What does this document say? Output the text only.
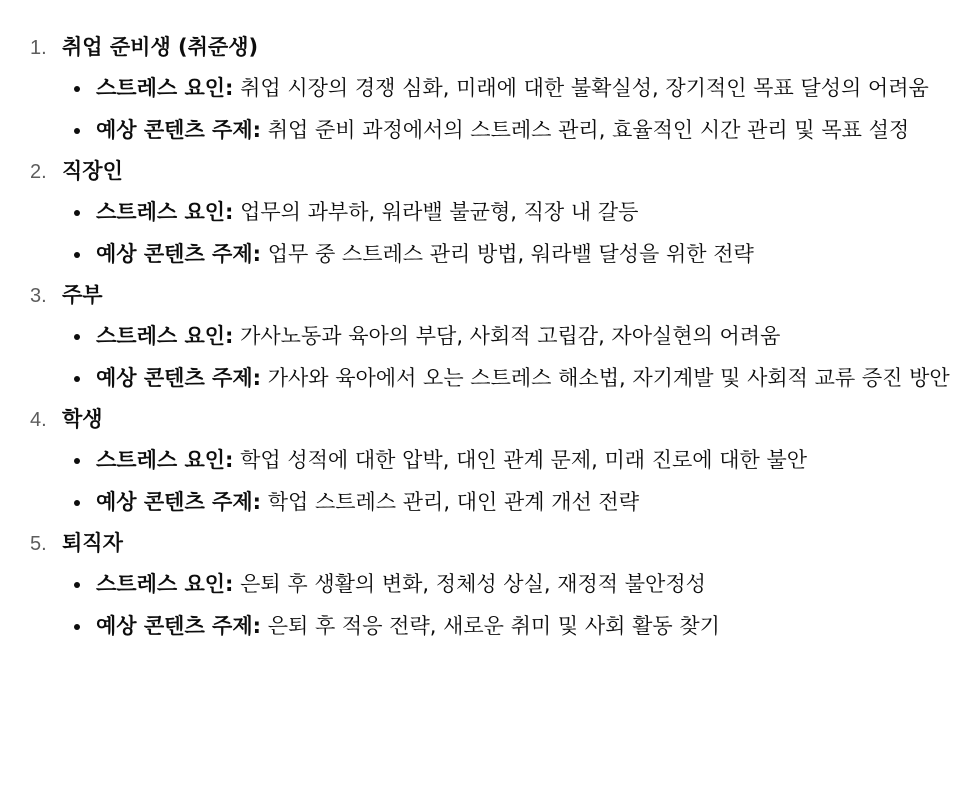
1. 취업 준비생 (취준생)
스트레스 요인: 취업 시장의 경쟁 심화, 미래에 대한 불확실성, 장기적인 목표 달성의 어려움
예상 콘텐츠 주제: 취업 준비 과정에서의 스트레스 관리, 효율적인 시간 관리 및 목표 설정
2. 직장인
스트레스 요인: 업무의 과부하, 워라밸 불균형, 직장 내 갈등
예상 콘텐츠 주제: 업무 중 스트레스 관리 방법, 워라밸 달성을 위한 전략
3. 주부
스트레스 요인: 가사노동과 육아의 부담, 사회적 고립감, 자아실현의 어려움
예상 콘텐츠 주제: 가사와 육아에서 오는 스트레스 해소법, 자기계발 및 사회적 교류 증진 방안
4. 학생
스트레스 요인: 학업 성적에 대한 압박, 대인 관계 문제, 미래 진로에 대한 불안
예상 콘텐츠 주제: 학업 스트레스 관리, 대인 관계 개선 전략
5. 퇴직자
스트레스 요인: 은퇴 후 생활의 변화, 정체성 상실, 재정적 불안정성
예상 콘텐츠 주제: 은퇴 후 적응 전략, 새로운 취미 및 사회 활동 찾기
